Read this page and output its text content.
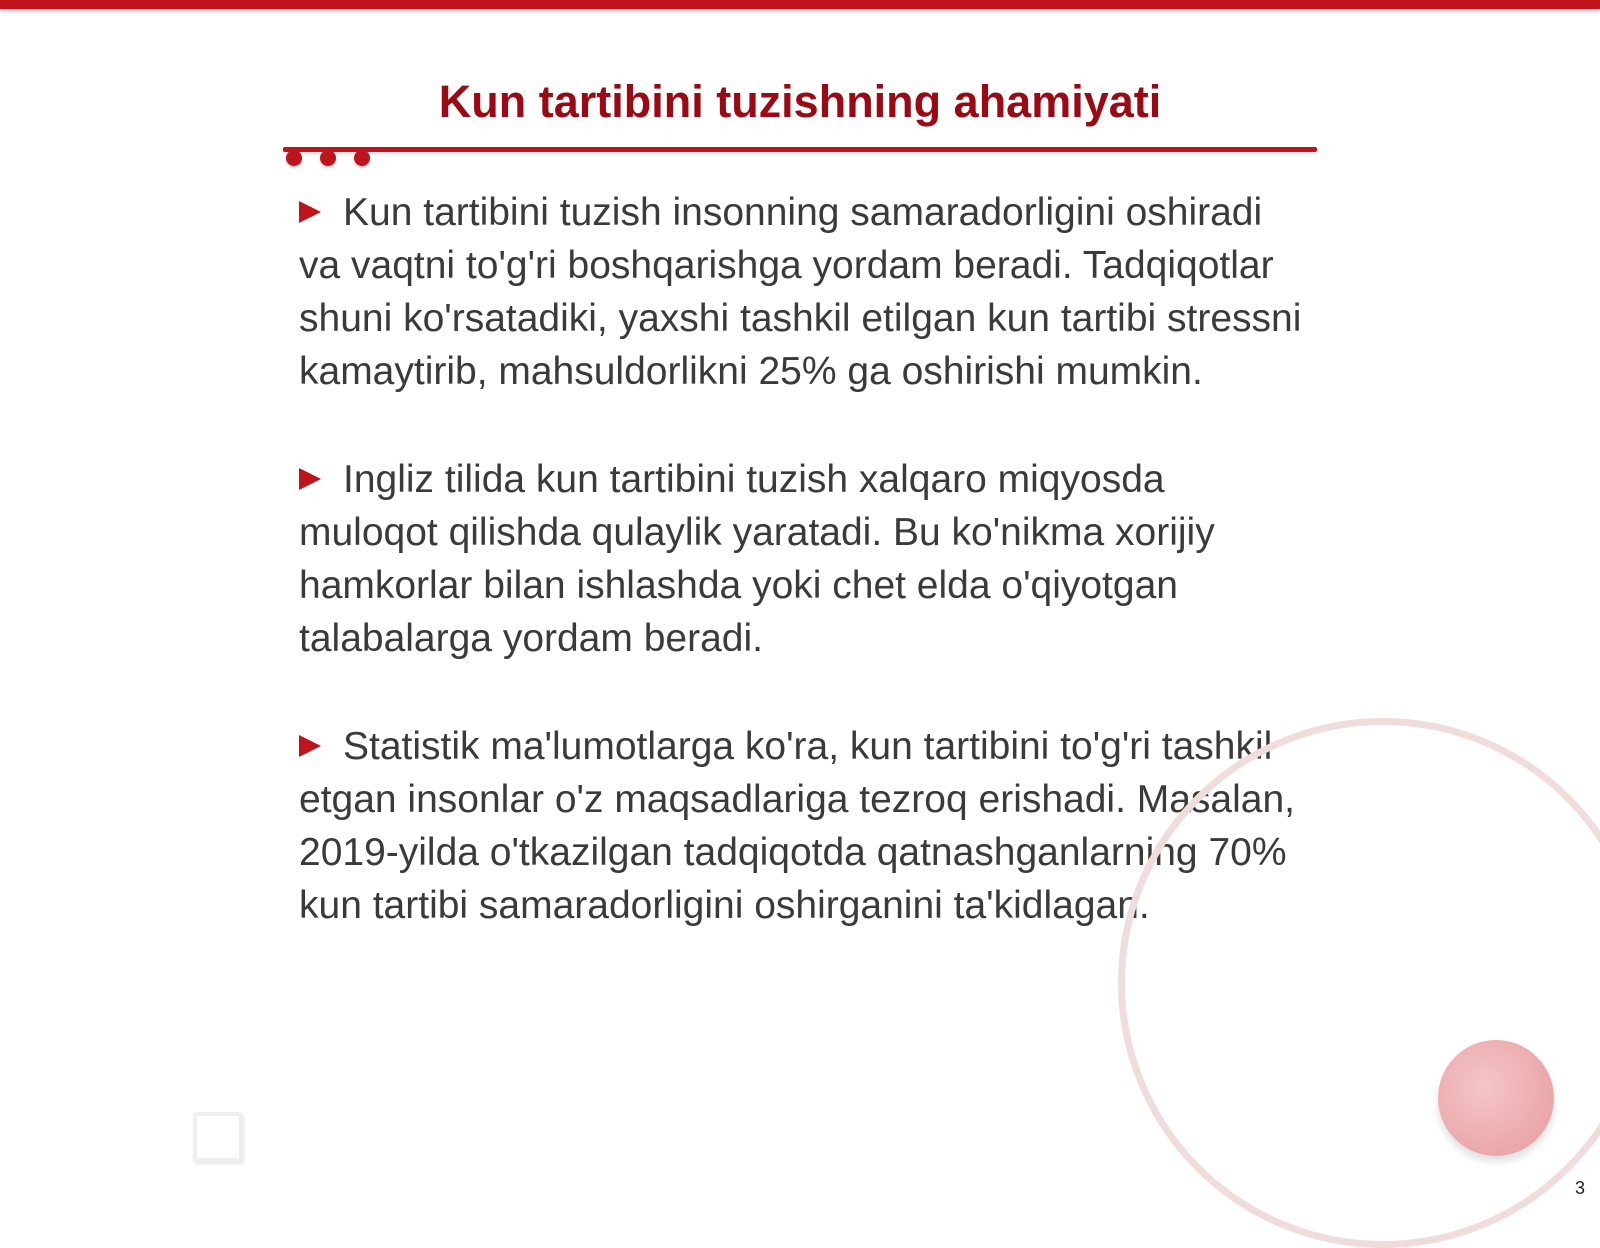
Kun tartibini tuzishning ahamiyati

Kun tartibini tuzish insonning samaradorligini oshiradi va vaqtni to'g'ri boshqarishga yordam beradi. Tadqiqotlar shuni ko'rsatadiki, yaxshi tashkil etilgan kun tartibi stressni kamaytirib, mahsuldorlikni 25% ga oshirishi mumkin.

Ingliz tilida kun tartibini tuzish xalqaro miqyosda muloqot qilishda qulaylik yaratadi. Bu ko'nikma xorijiy hamkorlar bilan ishlashda yoki chet elda o'qiyotgan talabalarga yordam beradi.

Statistik ma'lumotlarga ko'ra, kun tartibini to'g'ri tashkil etgan insonlar o'z maqsadlariga tezroq erishadi. Masalan, 2019-yilda o'tkazilgan tadqiqotda qatnashganlarning 70% kun tartibi samaradorligini oshirganini ta'kidlagan.

3
